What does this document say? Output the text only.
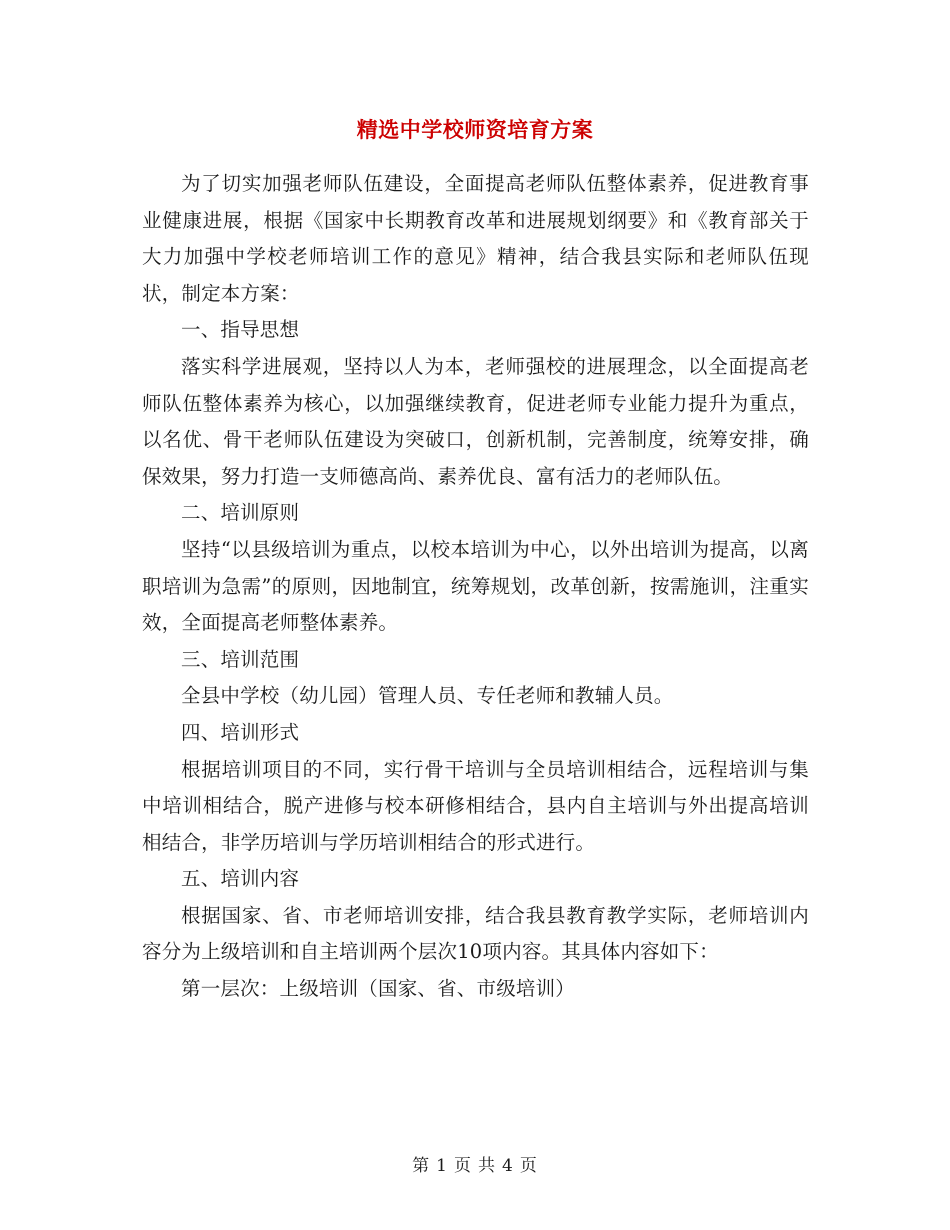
精选中学校师资培育方案

为了切实加强老师队伍建设，全面提高老师队伍整体素养，促进教育事业健康进展，根据《国家中长期教育改革和进展规划纲要》和《教育部关于大力加强中学校老师培训工作的意见》精神，结合我县实际和老师队伍现状，制定本方案：

一、指导思想

落实科学进展观，坚持以人为本，老师强校的进展理念，以全面提高老师队伍整体素养为核心，以加强继续教育，促进老师专业能力提升为重点，以名优、骨干老师队伍建设为突破口，创新机制，完善制度，统筹安排，确保效果，努力打造一支师德高尚、素养优良、富有活力的老师队伍。

二、培训原则

坚持“以县级培训为重点，以校本培训为中心，以外出培训为提高，以离职培训为急需”的原则，因地制宜，统筹规划，改革创新，按需施训，注重实效，全面提高老师整体素养。

三、培训范围

全县中学校（幼儿园）管理人员、专任老师和教辅人员。

四、培训形式

根据培训项目的不同，实行骨干培训与全员培训相结合，远程培训与集中培训相结合，脱产进修与校本研修相结合，县内自主培训与外出提高培训相结合，非学历培训与学历培训相结合的形式进行。

五、培训内容

根据国家、省、市老师培训安排，结合我县教育教学实际，老师培训内容分为上级培训和自主培训两个层次10项内容。其具体内容如下：

第一层次：上级培训（国家、省、市级培训）

第 1 页 共 4 页
